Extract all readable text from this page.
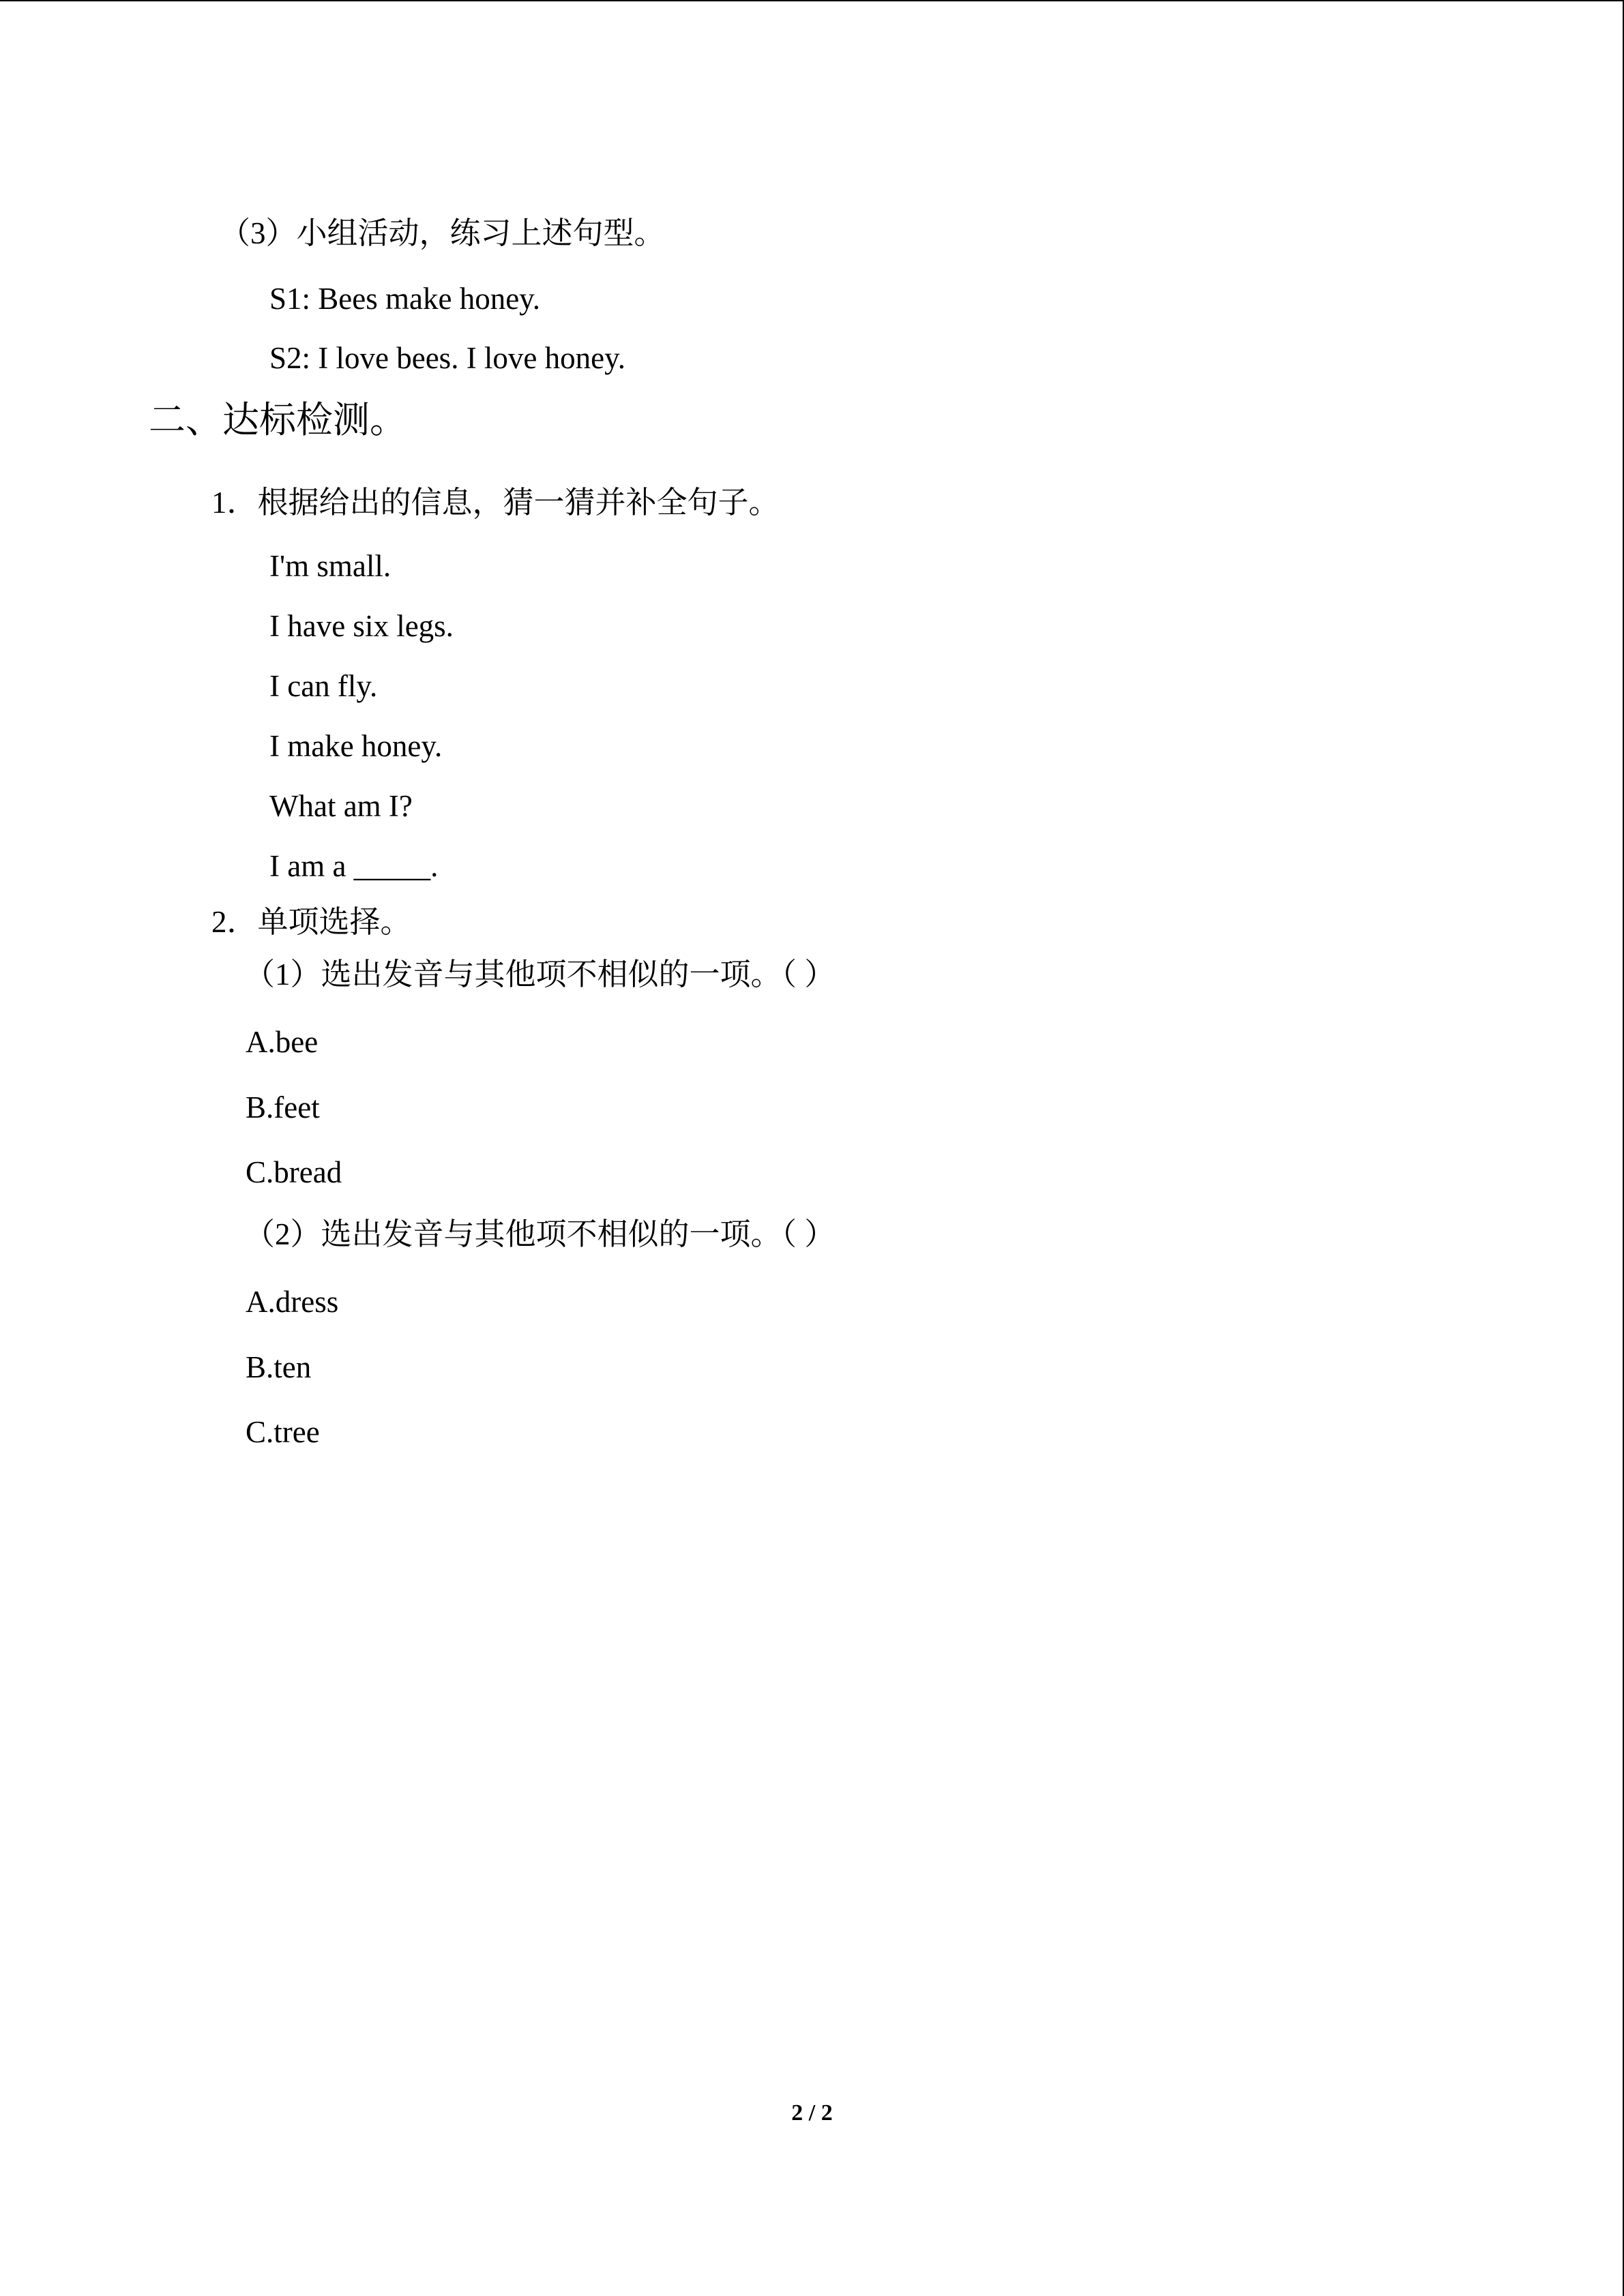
（3）小组活动，练习上述句型。
S1: Bees make honey.
S2: I love bees. I love honey.
二、达标检测。
1．根据给出的信息，猜一猜并补全句子。
I'm small.
I have six legs.
I can fly.
I make honey.
What am I?
I am a _____.
2．单项选择。
（1）选出发音与其他项不相似的一项。（ ）
A.bee
B.feet
C.bread
（2）选出发音与其他项不相似的一项。（ ）
A.dress
B.ten
C.tree
2 / 2
